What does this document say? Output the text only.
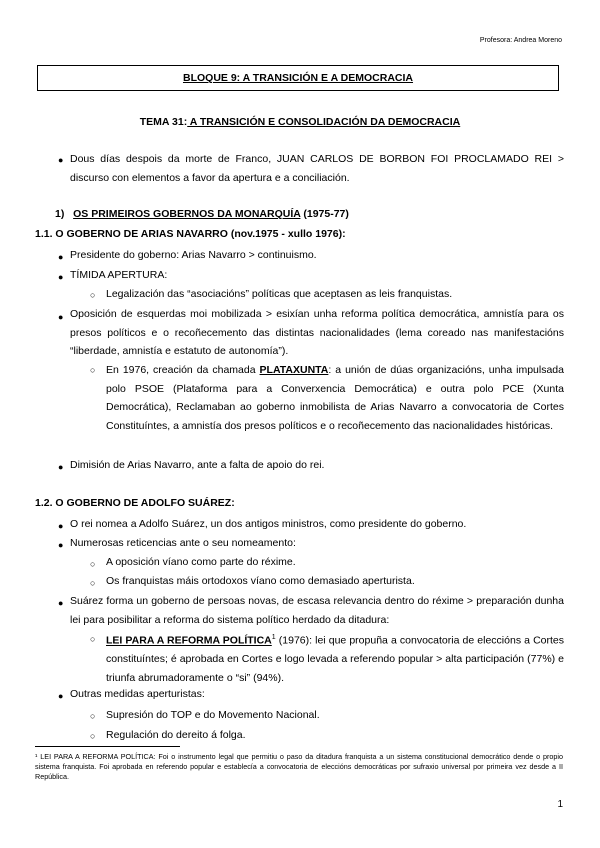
Profesora: Andrea Moreno
BLOQUE 9: A TRANSICIÓN E A DEMOCRACIA
TEMA 31: A TRANSICIÓN E CONSOLIDACIÓN DA DEMOCRACIA
● Dous días despois da morte de Franco, JUAN CARLOS DE BORBON FOI PROCLAMADO REI > discurso con elementos a favor da apertura e a conciliación.
1) OS PRIMEIROS GOBERNOS DA MONARQUÍA (1975-77)
1.1. O GOBERNO DE ARIAS NAVARRO (nov.1975 - xullo 1976):
● Presidente do goberno: Arias Navarro > continuismo.
● TÍMIDA APERTURA:
○ Legalización das “asociacións” políticas que aceptasen as leis franquistas.
● Oposición de esquerdas moi mobilizada > esixían unha reforma política democrática, amnistía para os presos políticos e o recoñecemento das distintas nacionalidades (lema coreado nas manifestacións “liberdade, amnistía e estatuto de autonomía”).
○ En 1976, creación da chamada PLATAXUNTA: a unión de dúas organizacións, unha impulsada polo PSOE (Plataforma para a Converxencia Democrática) e outra polo PCE (Xunta Democrática), Reclamaban ao goberno inmobilista de Arias Navarro a convocatoria de Cortes Constituíntes, a amnistía dos presos políticos e o recoñecemento das nacionalidades históricas.
● Dimisión de Arias Navarro, ante a falta de apoio do rei.
1.2. O GOBERNO DE ADOLFO SUÁREZ:
● O rei nomea a Adolfo Suárez, un dos antigos ministros, como presidente do goberno.
● Numerosas reticencias ante o seu nomeamento:
○ A oposición víano como parte do réxime.
○ Os franquistas máis ortodoxos víano como demasiado aperturista.
● Suárez forma un goberno de persoas novas, de escasa relevancia dentro do réxime > preparación dunha lei para posibilitar a reforma do sistema político herdado da ditadura:
○ LEI PARA A REFORMA POLÍTICA$^1$ (1976): lei que propuña a convocatoria de eleccións a Cortes constituíntes; é aprobada en Cortes e logo levada a referendo popular > alta participación (77%) e triunfa abrumadoramente o “si” (94%).
● Outras medidas aperturistas:
○ Supresión do TOP e do Movemento Nacional.
○ Regulación do dereito á folga.
¹ LEI PARA A REFORMA POLÍTICA: Foi o instrumento legal que permitiu o paso da ditadura franquista a un sistema constitucional democrático dende o propio sistema franquista. Foi aprobada en referendo popular e establecía a convocatoria de eleccións democráticas por sufraxio universal por primeira vez desde a II República.
1
